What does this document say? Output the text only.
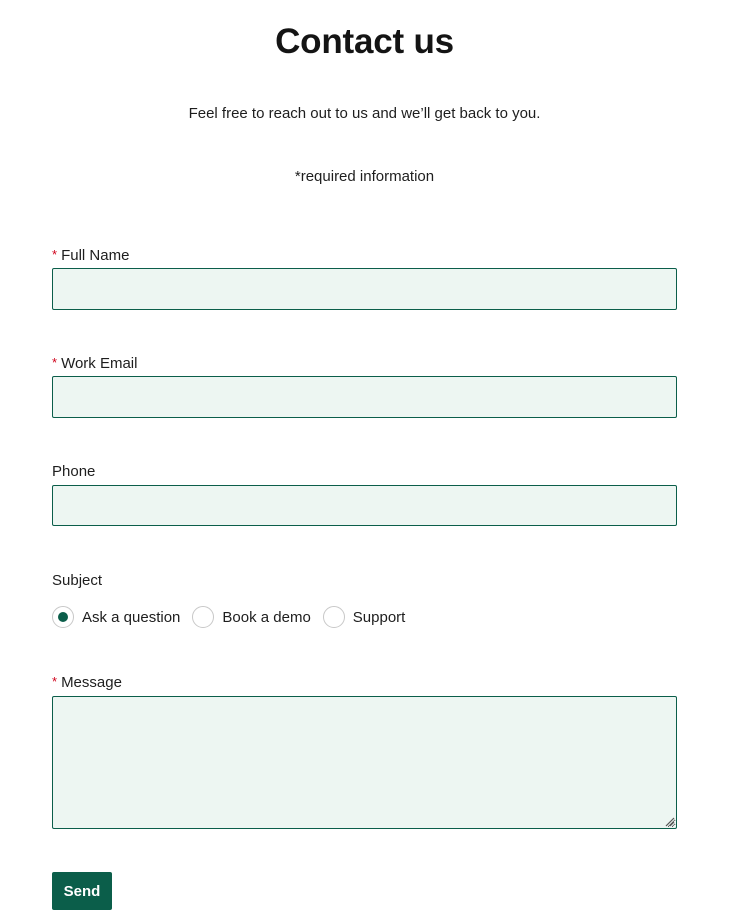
Contact us

Feel free to reach out to us and we’ll get back to you.

*required information

* Full Name
* Work Email
Phone
Subject
Ask a question	Book a demo	Support
* Message
Send
